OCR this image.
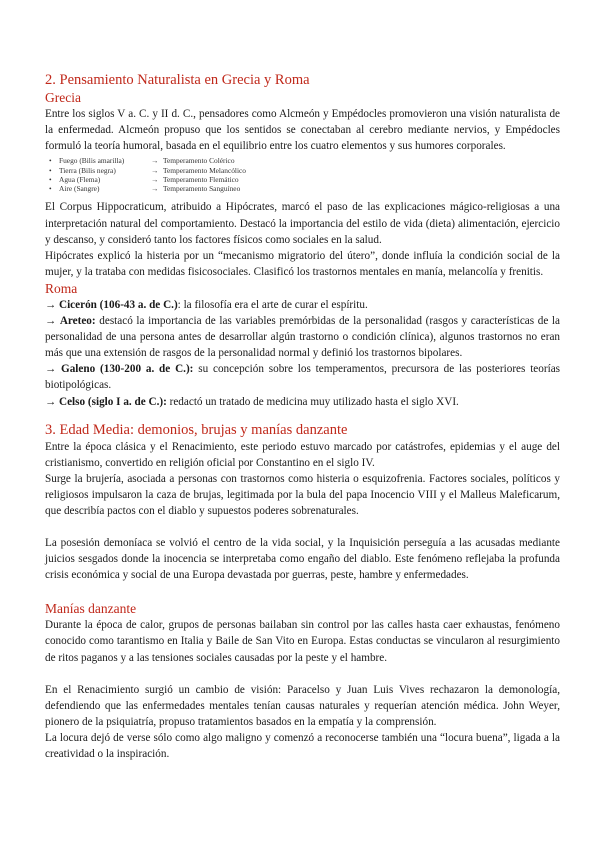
2. Pensamiento Naturalista en Grecia y Roma
Grecia

Entre los siglos V a. C. y II d. C., pensadores como Alcmeón y Empédocles promovieron una visión naturalista de la enfermedad. Alcmeón propuso que los sentidos se conectaban al cerebro mediante nervios, y Empédocles formuló la teoría humoral, basada en el equilibrio entre los cuatro elementos y sus humores corporales.

•	Fuego (Bilis amarilla)	→ Temperamento Colérico
•	Tierra (Bilis negra)	→ Temperamento Melancólico
•	Agua (Flema)	→ Temperamento Flemático
•	Aire (Sangre)	→ Temperamento Sanguíneo

El Corpus Hippocraticum, atribuido a Hipócrates, marcó el paso de las explicaciones mágico-religiosas a una interpretación natural del comportamiento. Destacó la importancia del estilo de vida (dieta) alimentación, ejercicio y descanso, y consideró tanto los factores físicos como sociales en la salud.

Hipócrates explicó la histeria por un “mecanismo migratorio del útero”, donde influía la condición social de la mujer, y la trataba con medidas fisicosociales. Clasificó los trastornos mentales en manía, melancolía y frenitis.

Roma

→ Cicerón (106-43 a. de C.): la filosofía era el arte de curar el espíritu.

→ Areteo: destacó la importancia de las variables premórbidas de la personalidad (rasgos y características de la personalidad de una persona antes de desarrollar algún trastorno o condición clínica), algunos trastornos no eran más que una extensión de rasgos de la personalidad normal y definió los trastornos bipolares.

→ Galeno (130-200 a. de C.): su concepción sobre los temperamentos, precursora de las posteriores teorías biotipológicas.

→ Celso (siglo I a. de C.): redactó un tratado de medicina muy utilizado hasta el siglo XVI.

3. Edad Media: demonios, brujas y manías danzante

Entre la época clásica y el Renacimiento, este periodo estuvo marcado por catástrofes, epidemias y el auge del cristianismo, convertido en religión oficial por Constantino en el siglo IV.

Surge la brujería, asociada a personas con trastornos como histeria o esquizofrenia. Factores sociales, políticos y religiosos impulsaron la caza de brujas, legitimada por la bula del papa Inocencio VIII y el Malleus Maleficarum, que describía pactos con el diablo y supuestos poderes sobrenaturales.

La posesión demoníaca se volvió el centro de la vida social, y la Inquisición perseguía a las acusadas mediante juicios sesgados donde la inocencia se interpretaba como engaño del diablo. Este fenómeno reflejaba la profunda crisis económica y social de una Europa devastada por guerras, peste, hambre y enfermedades.

Manías danzante

Durante la época de calor, grupos de personas bailaban sin control por las calles hasta caer exhaustas, fenómeno conocido como tarantismo en Italia y Baile de San Vito en Europa. Estas conductas se vincularon al resurgimiento de ritos paganos y a las tensiones sociales causadas por la peste y el hambre.

En el Renacimiento surgió un cambio de visión: Paracelso y Juan Luis Vives rechazaron la demonología, defendiendo que las enfermedades mentales tenían causas naturales y requerían atención médica. John Weyer, pionero de la psiquiatría, propuso tratamientos basados en la empatía y la comprensión.

La locura dejó de verse sólo como algo maligno y comenzó a reconocerse también una “locura buena”, ligada a la creatividad o la inspiración.
